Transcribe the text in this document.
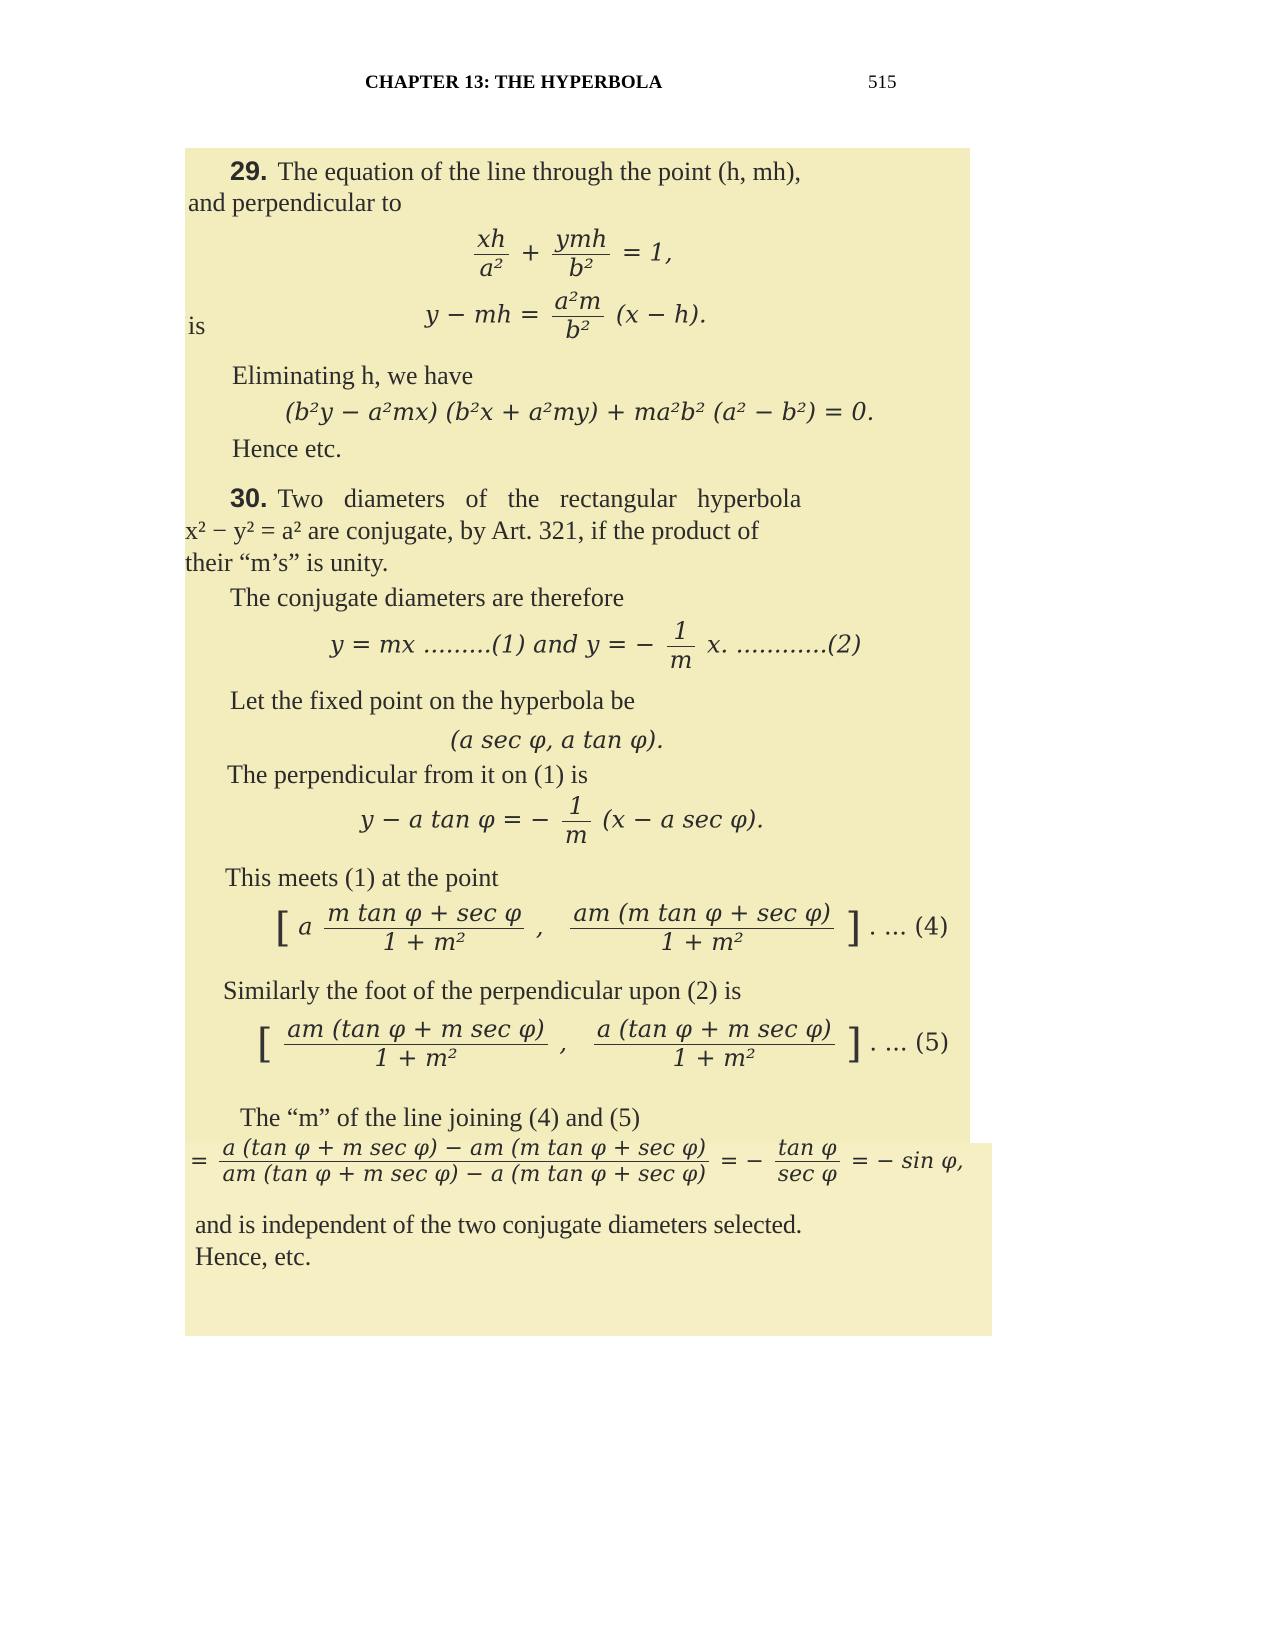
CHAPTER 13: THE HYPERBOLA	515
29. The equation of the line through the point (h, mh),
and perpendicular to
$\frac{xh}{\text{a²}} + \frac{\text{ymh}}{\text{b²}} = 1$,
is	y − mh = $\frac{\text{a²m}}{\text{b²}} (x - h)$.
Eliminating h, we have
(b²y − a²mx) (b²x + a²my) + ma²b² (a² − b²) = 0.
Hence etc.
30. Two diameters of the rectangular hyperbola
x² − y² = a² are conjugate, by Art. 321, if the product of
their “m’s” is unity.
The conjugate diameters are therefore
y = mx .........(1) and y = − $\frac{1}{m} x$. ............(2)
Let the fixed point on the hyperbola be
(a sec φ, a tan φ).
The perpendicular from it on (1) is
y − a tan φ = − $\frac{1}{m} (x - a$ sec φ).
This meets (1) at the point
[ a $\frac{\text{m tan φ + sec φ}}{\text{1 + m²}}$ , $\frac{\text{am (m tan φ + sec φ)}}{\text{1 + m²}}$ ] . ... (4)
Similarly the foot of the perpendicular upon (2) is
[ $\frac{\text{am (tan φ + m sec φ)}}{\text{1 + m²}}$ , $\frac{\text{a (tan φ + m sec φ)}}{\text{1 + m²}}$ ] . ... (5)
The “m” of the line joining (4) and (5)
= $\frac{\text{a (tan φ + m sec φ) − am (m tan φ + sec φ)}}{\text{am (tan φ + m sec φ) − a (m tan φ + sec φ)}}$ = − $\frac{\text{tan φ}}{\text{sec φ}}$ = − sin φ,
and is independent of the two conjugate diameters selected.
Hence, etc.
